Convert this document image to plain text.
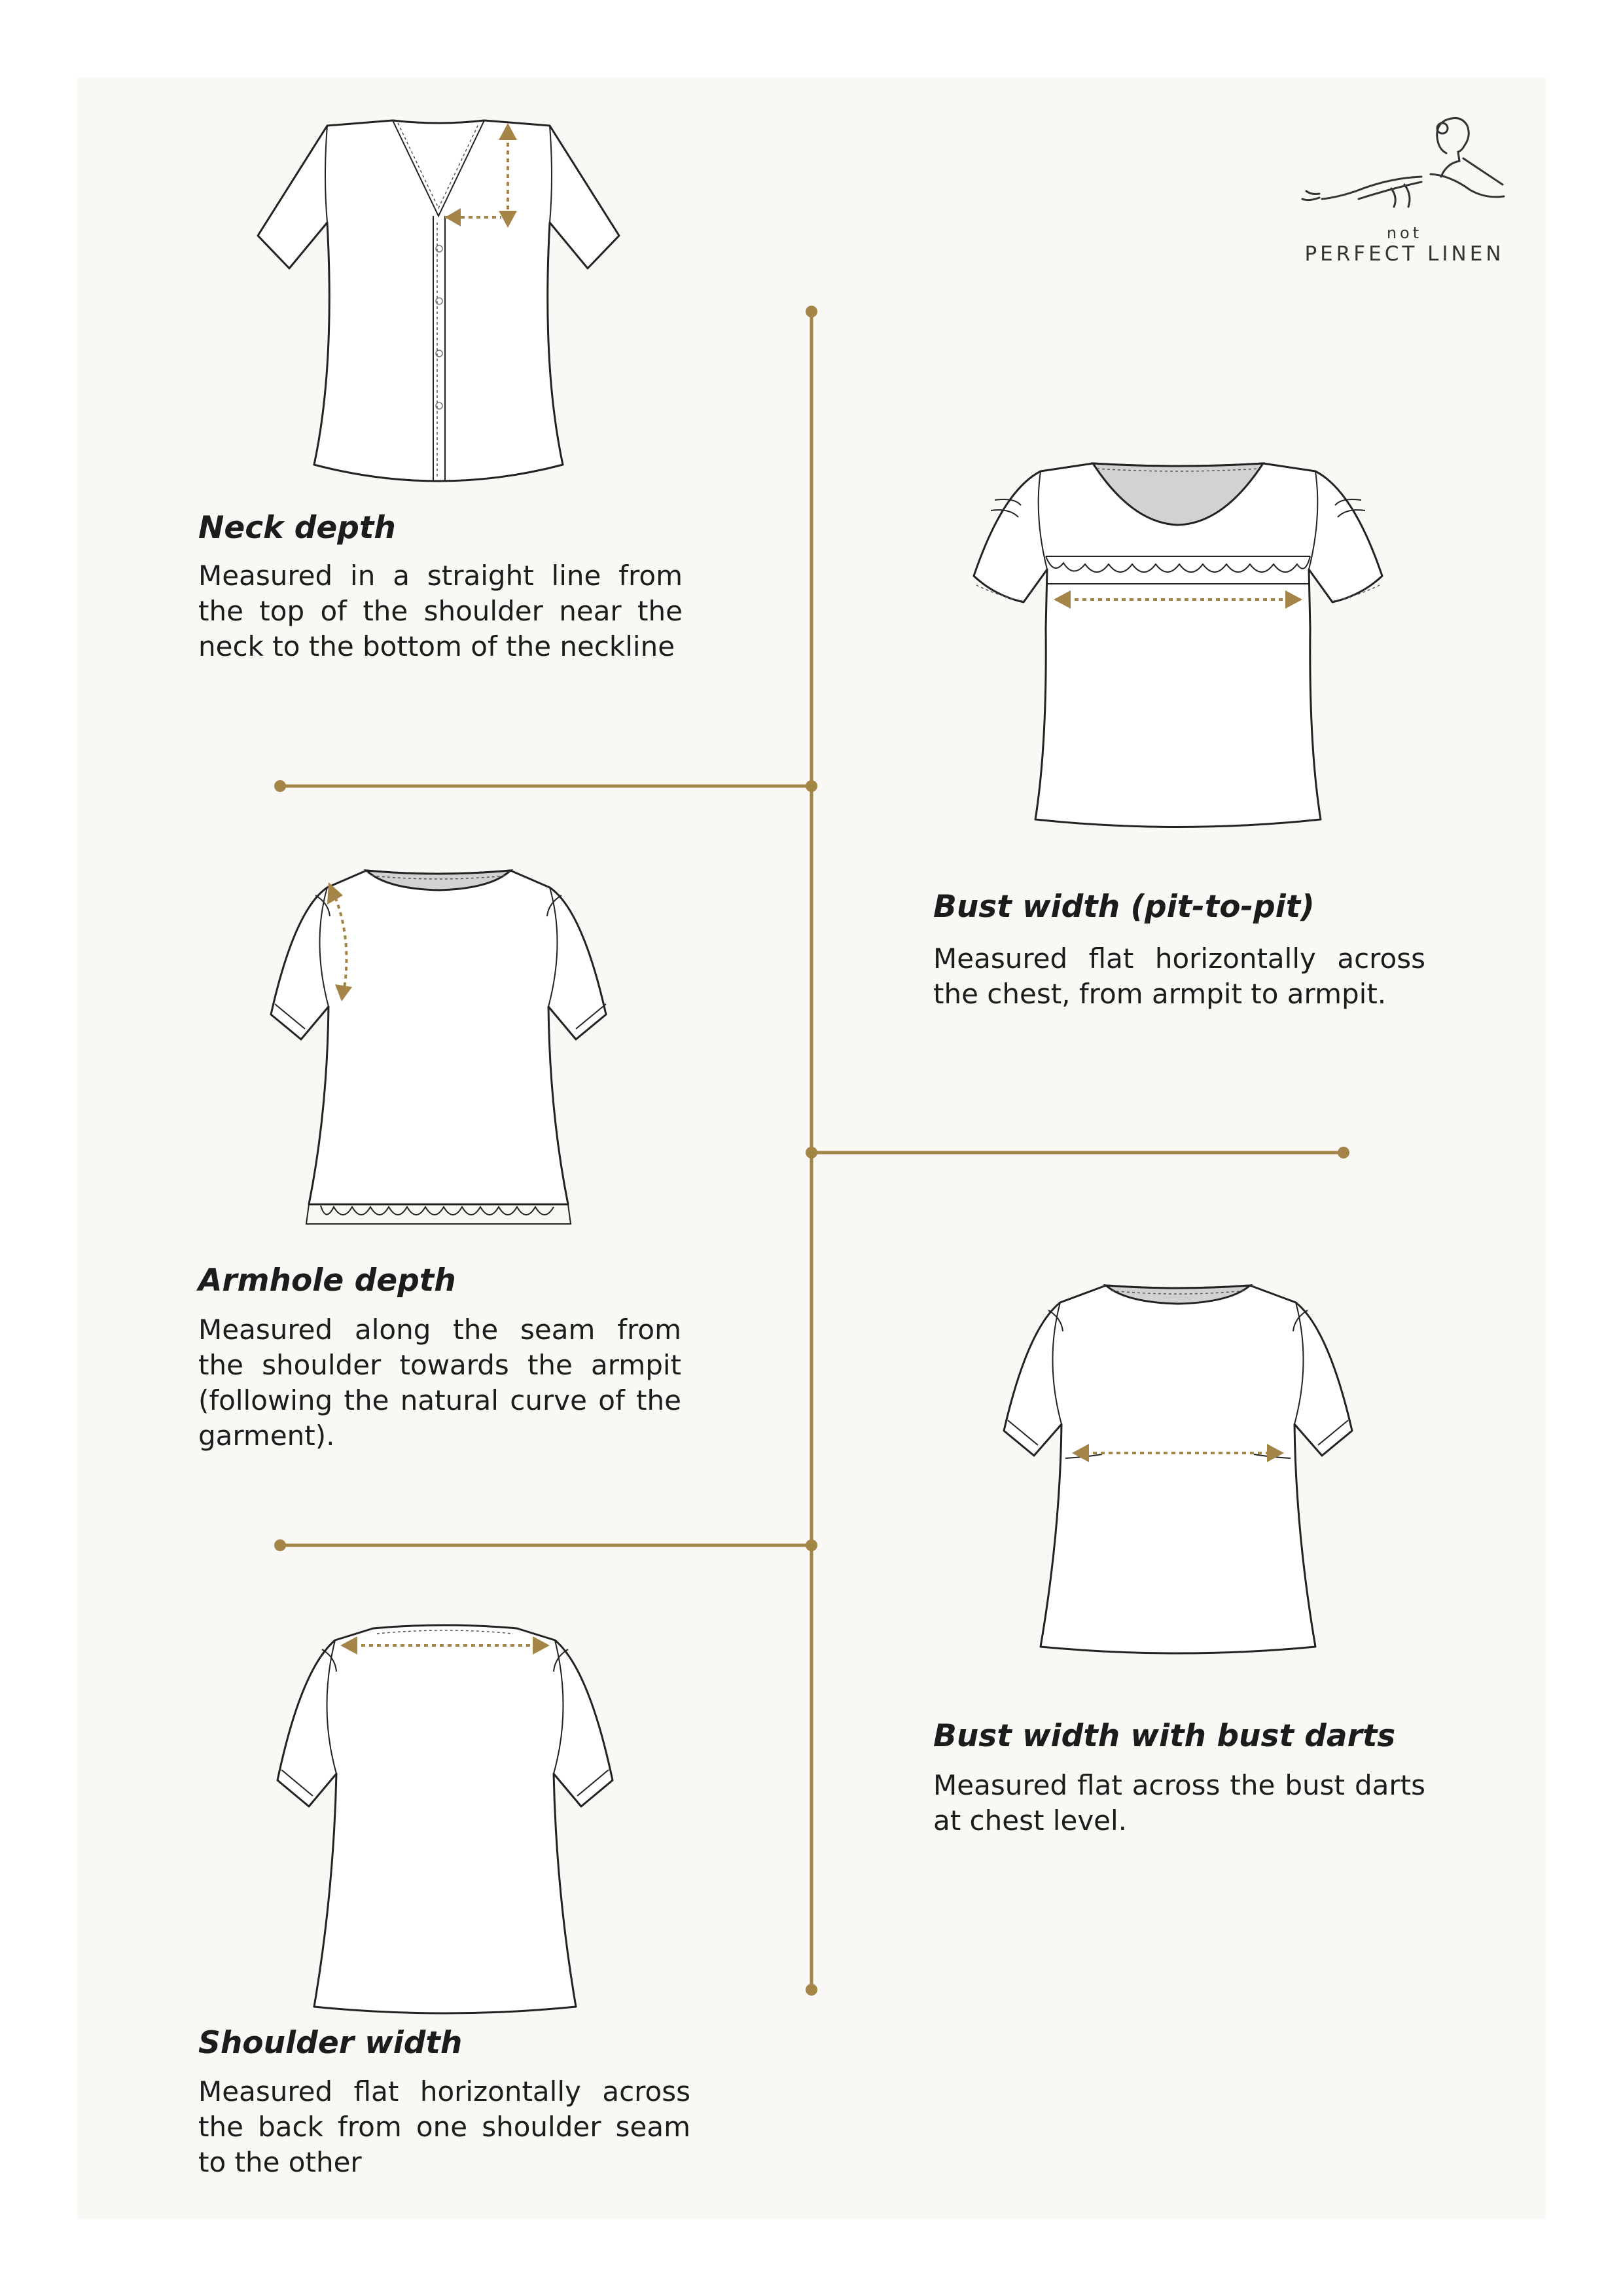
not
PERFECT LINEN
Neck depth
Measured in a straight line from the top of the shoulder near the neck to the bottom of the neckline
Bust width (pit-to-pit)
Measured flat horizontally across the chest, from armpit to armpit.
Armhole depth
Measured along the seam from the shoulder towards the armpit (following the natural curve of the garment).
Bust width with bust darts
Measured flat across the bust darts at chest level.
Shoulder width
Measured flat horizontally across the back from one shoulder seam to the other
